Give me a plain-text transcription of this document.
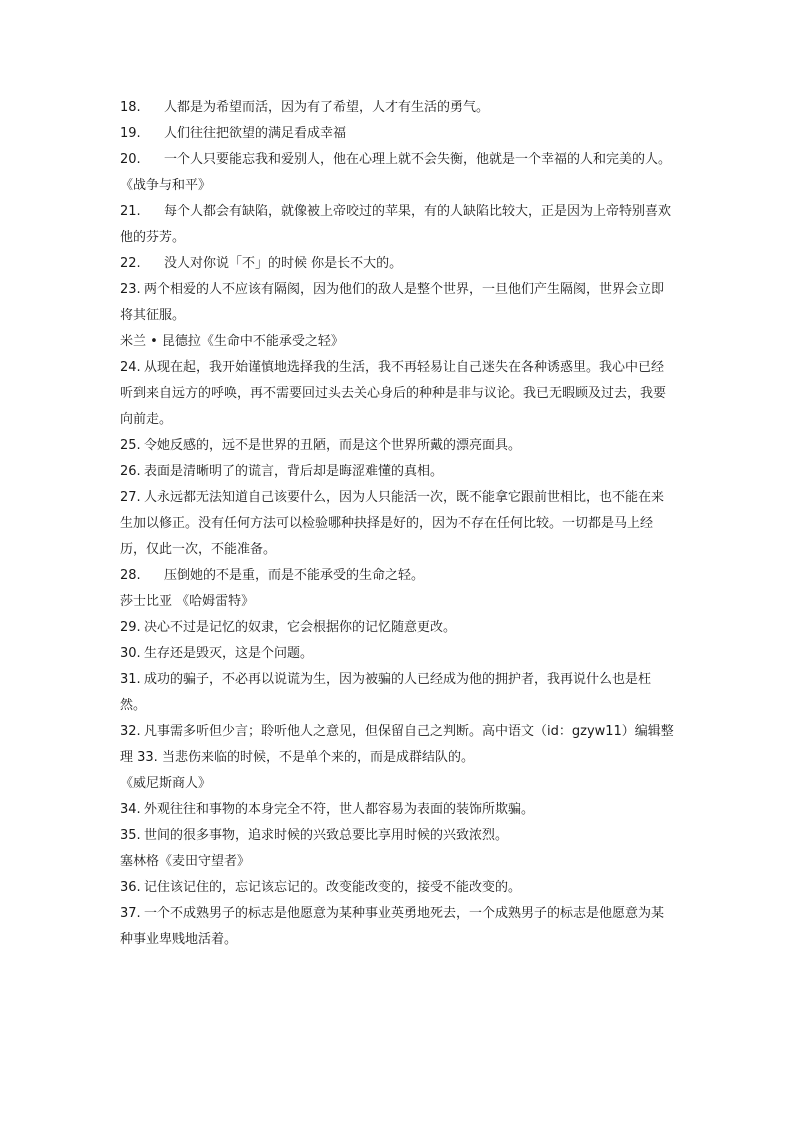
18. 人都是为希望而活，因为有了希望，人才有生活的勇气。
19. 人们往往把欲望的满足看成幸福
20. 一个人只要能忘我和爱别人，他在心理上就不会失衡，他就是一个幸福的人和完美的人。
《战争与和平》
21. 每个人都会有缺陷，就像被上帝咬过的苹果，有的人缺陷比较大，正是因为上帝特别喜欢他的芬芳。
22. 没人对你说「不」的时候 你是长不大的。
23. 两个相爱的人不应该有隔阂，因为他们的敌人是整个世界，一旦他们产生隔阂，世界会立即将其征服。
米兰 • 昆德拉《生命中不能承受之轻》
24. 从现在起，我开始谨慎地选择我的生活，我不再轻易让自己迷失在各种诱惑里。我心中已经听到来自远方的呼唤，再不需要回过头去关心身后的种种是非与议论。我已无暇顾及过去，我要向前走。
25. 令她反感的，远不是世界的丑陋，而是这个世界所戴的漂亮面具。
26. 表面是清晰明了的谎言，背后却是晦涩难懂的真相。
27. 人永远都无法知道自己该要什么，因为人只能活一次，既不能拿它跟前世相比，也不能在来生加以修正。没有任何方法可以检验哪种抉择是好的，因为不存在任何比较。一切都是马上经历，仅此一次，不能准备。
28. 压倒她的不是重，而是不能承受的生命之轻。
莎士比亚 《哈姆雷特》
29. 决心不过是记忆的奴隶，它会根据你的记忆随意更改。
30. 生存还是毁灭，这是个问题。
31. 成功的骗子，不必再以说谎为生，因为被骗的人已经成为他的拥护者，我再说什么也是枉然。
32. 凡事需多听但少言；聆听他人之意见，但保留自己之判断。高中语文（id：gzyw11）编辑整理 33. 当悲伤来临的时候，不是单个来的，而是成群结队的。
《威尼斯商人》
34. 外观往往和事物的本身完全不符，世人都容易为表面的装饰所欺骗。
35. 世间的很多事物，追求时候的兴致总要比享用时候的兴致浓烈。
塞林格《麦田守望者》
36. 记住该记住的，忘记该忘记的。改变能改变的，接受不能改变的。
37. 一个不成熟男子的标志是他愿意为某种事业英勇地死去，一个成熟男子的标志是他愿意为某种事业卑贱地活着。
